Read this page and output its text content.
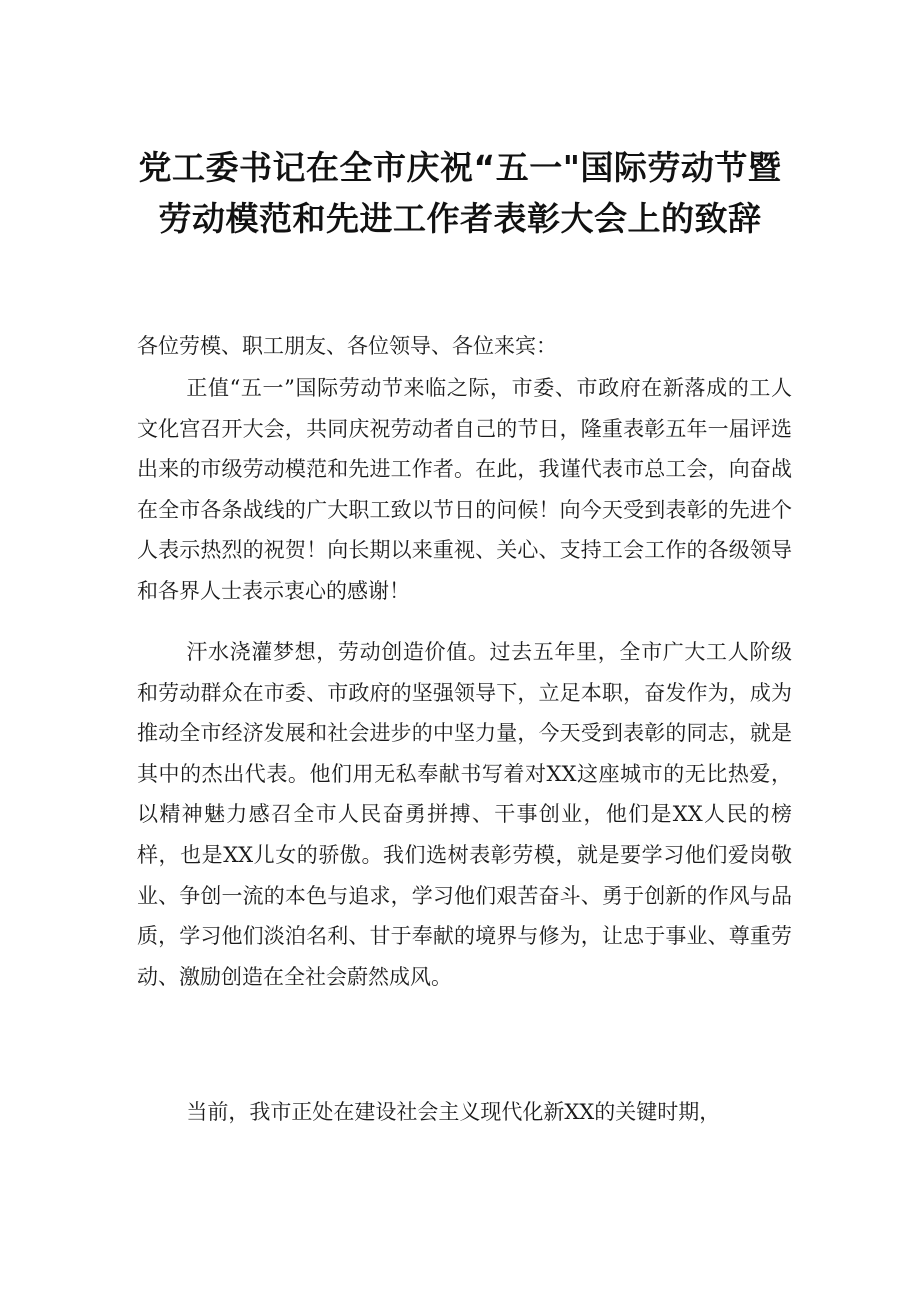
党工委书记在全市庆祝“五一"国际劳动节暨
劳动模范和先进工作者表彰大会上的致辞
各位劳模、职工朋友、各位领导、各位来宾：

正值“五一”国际劳动节来临之际，市委、市政府在新落成的工人文化宫召开大会，共同庆祝劳动者自己的节日，隆重表彰五年一届评选出来的市级劳动模范和先进工作者。在此，我谨代表市总工会，向奋战在全市各条战线的广大职工致以节日的问候！向今天受到表彰的先进个人表示热烈的祝贺！向长期以来重视、关心、支持工会工作的各级领导和各界人士表示衷心的感谢！

汗水浇灌梦想，劳动创造价值。过去五年里，全市广大工人阶级和劳动群众在市委、市政府的坚强领导下，立足本职，奋发作为，成为推动全市经济发展和社会进步的中坚力量，今天受到表彰的同志，就是其中的杰出代表。他们用无私奉献书写着对XX这座城市的无比热爱，以精神魅力感召全市人民奋勇拼搏、干事创业，他们是XX人民的榜样，也是XX儿女的骄傲。我们选树表彰劳模，就是要学习他们爱岗敬业、争创一流的本色与追求，学习他们艰苦奋斗、勇于创新的作风与品质，学习他们淡泊名利、甘于奉献的境界与修为，让忠于事业、尊重劳动、激励创造在全社会蔚然成风。

当前，我市正处在建设社会主义现代化新XX的关键时期，
